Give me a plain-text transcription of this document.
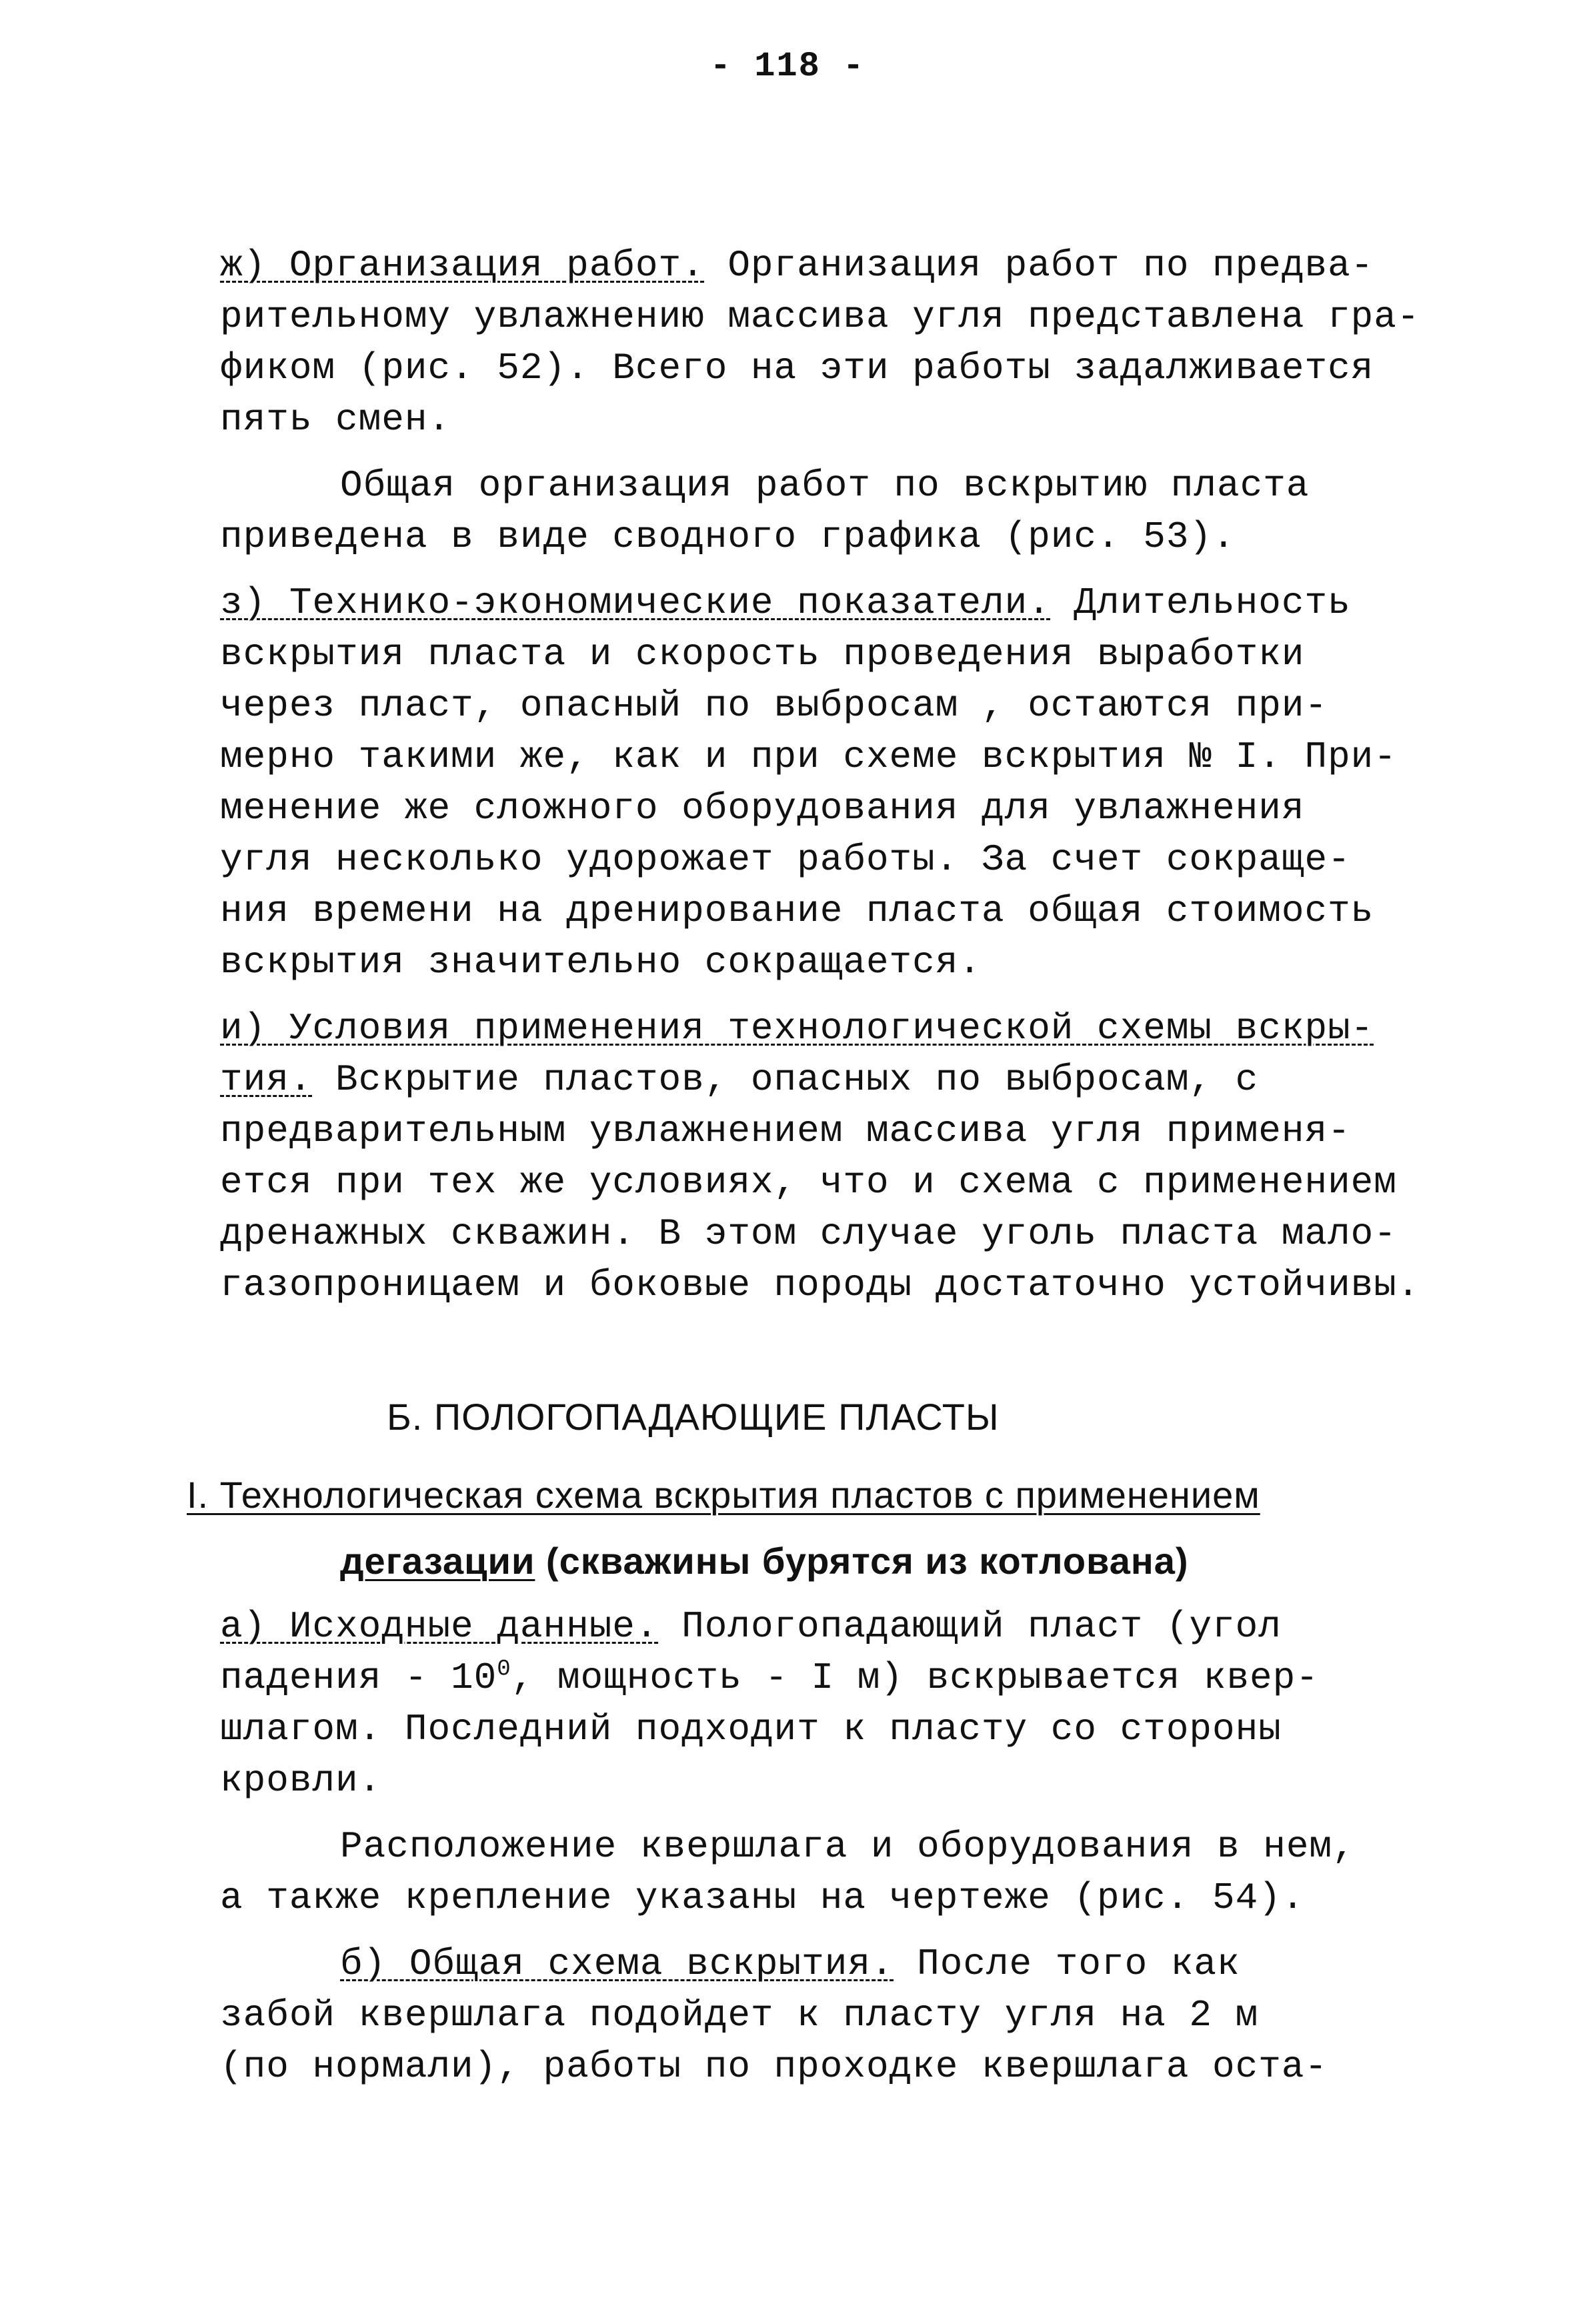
- 118 -
ж) Организация работ. Организация работ по предва-
рительному увлажнению массива угля представлена гра-
фиком (рис. 52). Всего на эти работы задалживается
пять смен.
Общая организация работ по вскрытию пласта
приведена в виде сводного графика (рис. 53).
з) Технико-экономические показатели. Длительность
вскрытия пласта и скорость проведения выработки
через пласт, опасный по выбросам , остаются при-
мерно такими же, как и при схеме вскрытия № I. При-
менение же сложного оборудования для увлажнения
угля несколько удорожает работы. За счет сокраще-
ния времени на дренирование пласта общая стоимость
вскрытия значительно сокращается.
и) Условия применения технологической схемы вскры-
тия. Вскрытие пластов, опасных по выбросам, с
предварительным увлажнением массива угля применя-
ется при тех же условиях, что и схема с применением
дренажных скважин. В этом случае уголь пласта мало-
газопроницаем и боковые породы достаточно устойчивы.
Б. ПОЛОГОПАДАЮЩИЕ ПЛАСТЫ
I. Технологическая схема вскрытия пластов с применением
дегазации (скважины бурятся из котлована)
а) Исходные данные. Пологопадающий пласт (угол
падения - $10^0$, мощность - I м) вскрывается квер-
шлагом. Последний подходит к пласту со стороны
кровли.
Расположение квершлага и оборудования в нем,
а также крепление указаны на чертеже (рис. 54).
б) Общая схема вскрытия. После того как
забой квершлага подойдет к пласту угля на 2 м
(по нормали), работы по проходке квершлага оста-
